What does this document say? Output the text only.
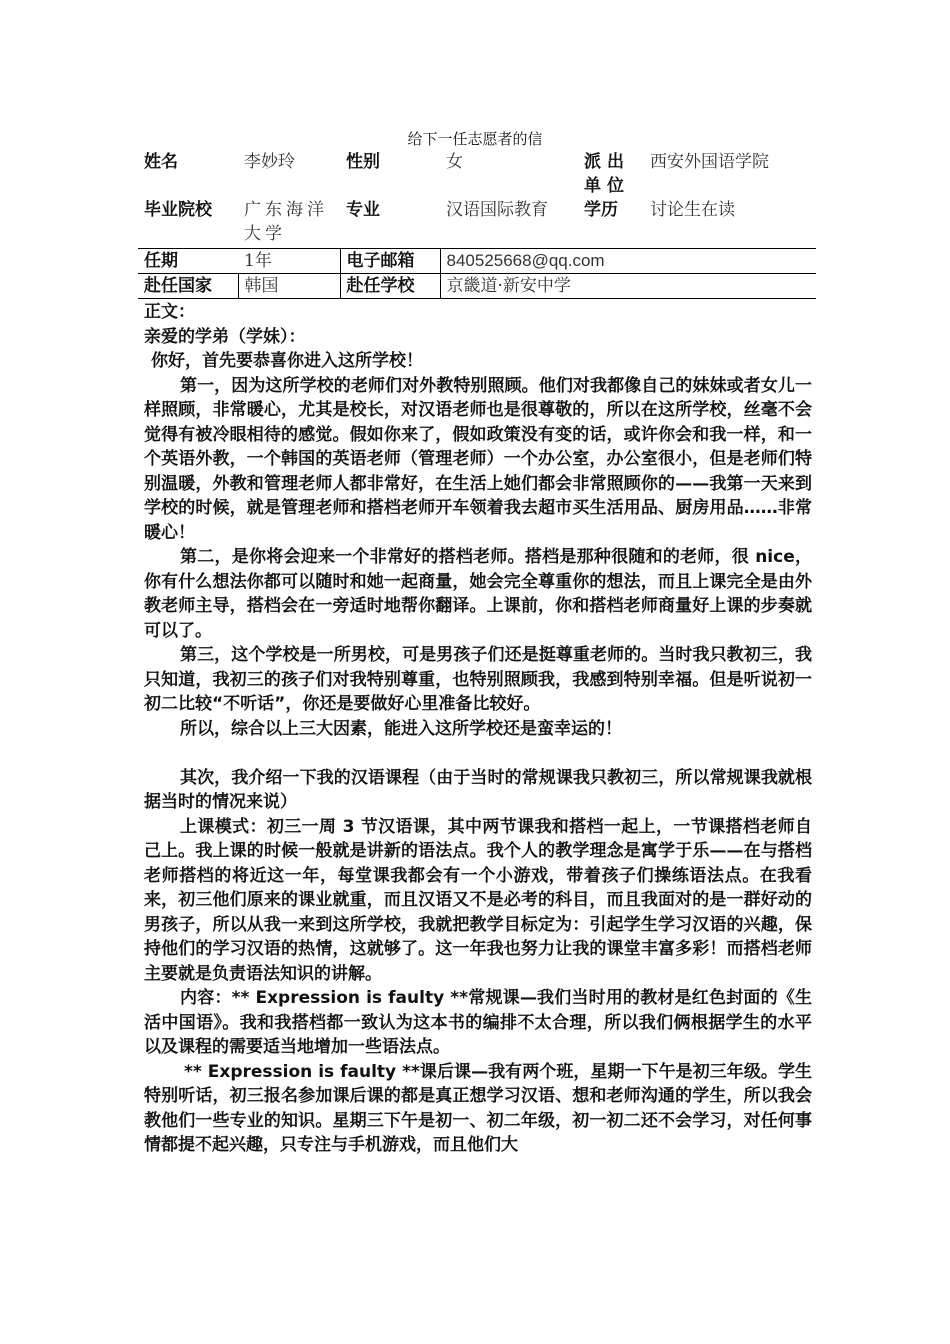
给下一任志愿者的信
姓名	李妙玲	性别	女	派出单位	西安外国语学院
毕业院校	广东海洋大学	专业	汉语国际教育	学历	讨论生在读
任期	1年	电子邮箱	840525668@qq.com		
赴任国家	韩国	赴任学校	京畿道·新安中学		

正文：

亲爱的学弟（学妹）：

你好，首先要恭喜你进入这所学校！

第一，因为这所学校的老师们对外教特别照顾。他们对我都像自己的妹妹或者女儿一样照顾，非常暖心，尤其是校长，对汉语老师也是很尊敬的，所以在这所学校，丝毫不会觉得有被冷眼相待的感觉。假如你来了，假如政策没有变的话，或许你会和我一样，和一个英语外教，一个韩国的英语老师（管理老师）一个办公室，办公室很小，但是老师们特别温暖，外教和管理老师人都非常好，在生活上她们都会非常照顾你的——我第一天来到学校的时候，就是管理老师和搭档老师开车领着我去超市买生活用品、厨房用品……非常暖心！

第二，是你将会迎来一个非常好的搭档老师。搭档是那种很随和的老师，很 nice，你有什么想法你都可以随时和她一起商量，她会完全尊重你的想法，而且上课完全是由外教老师主导，搭档会在一旁适时地帮你翻译。上课前，你和搭档老师商量好上课的步奏就可以了。

第三，这个学校是一所男校，可是男孩子们还是挺尊重老师的。当时我只教初三，我只知道，我初三的孩子们对我特别尊重，也特别照顾我，我感到特别幸福。但是听说初一初二比较“不听话”，你还是要做好心里准备比较好。

所以，综合以上三大因素，能进入这所学校还是蛮幸运的！

其次，我介绍一下我的汉语课程（由于当时的常规课我只教初三，所以常规课我就根据当时的情况来说）

上课模式：初三一周 3 节汉语课，其中两节课我和搭档一起上，一节课搭档老师自己上。我上课的时候一般就是讲新的语法点。我个人的教学理念是寓学于乐——在与搭档老师搭档的将近这一年，每堂课我都会有一个小游戏，带着孩子们操练语法点。在我看来，初三他们原来的课业就重，而且汉语又不是必考的科目，而且我面对的是一群好动的男孩子，所以从我一来到这所学校，我就把教学目标定为：引起学生学习汉语的兴趣，保持他们的学习汉语的热情，这就够了。这一年我也努力让我的课堂丰富多彩！而搭档老师主要就是负责语法知识的讲解。

内容：** Expression is faulty **常规课—我们当时用的教材是红色封面的《生活中国语》。我和我搭档都一致认为这本书的编排不太合理，所以我们俩根据学生的水平以及课程的需要适当地增加一些语法点。

** Expression is faulty **课后课—我有两个班，星期一下午是初三年级。学生特别听话，初三报名参加课后课的都是真正想学习汉语、想和老师沟通的学生，所以我会教他们一些专业的知识。星期三下午是初一、初二年级，初一初二还不会学习，对任何事情都提不起兴趣，只专注与手机游戏，而且他们大
